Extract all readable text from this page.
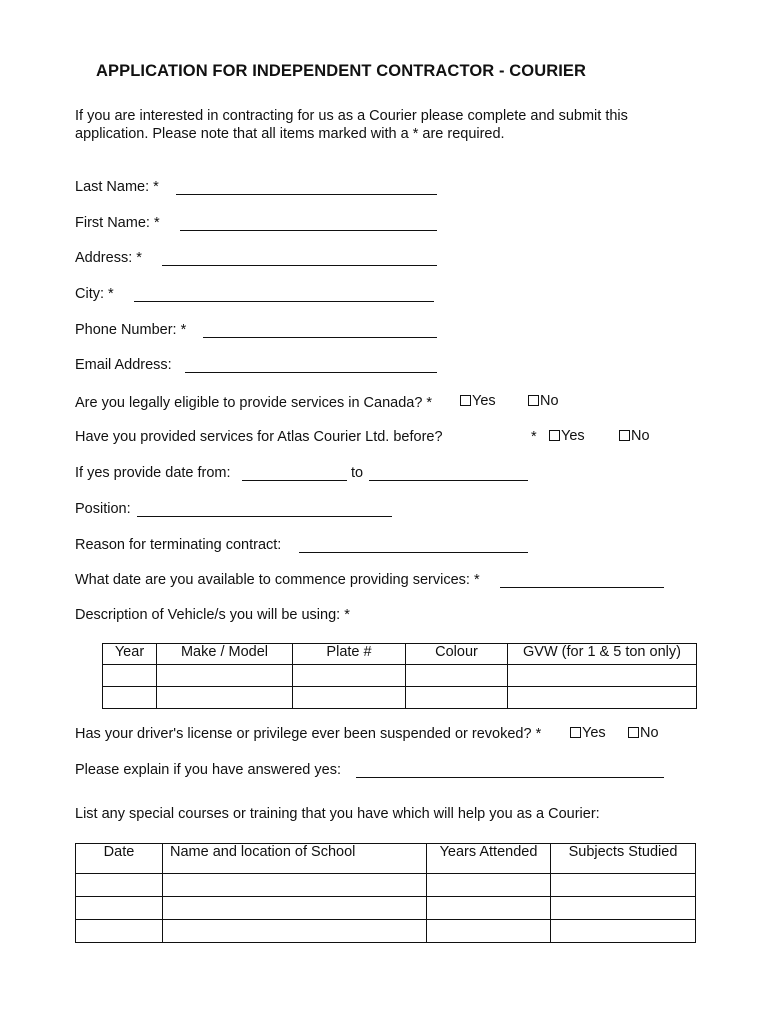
APPLICATION FOR INDEPENDENT CONTRACTOR - COURIER
If you are interested in contracting for us as a Courier please complete and submit this
application. Please note that all items marked with a * are required.
Last Name: *
First Name: *
Address: *
City: *
Phone Number: *
Email Address:
Are you legally eligible to provide services in Canada? *	Yes	No
Have you provided services for Atlas Courier Ltd. before?	*	Yes	No
If yes provide date from:	to
Position:
Reason for terminating contract:
What date are you available to commence providing services: *
Description of Vehicle/s you will be using: *
Year	Make / Model	Plate #	Colour	GVW (for 1 & 5 ton only)

Has your driver's license or privilege ever been suspended or revoked? *	Yes	No
Please explain if you have answered yes:
List any special courses or training that you have which will help you as a Courier:
Date	Name and location of School	Years Attended	Subjects Studied
